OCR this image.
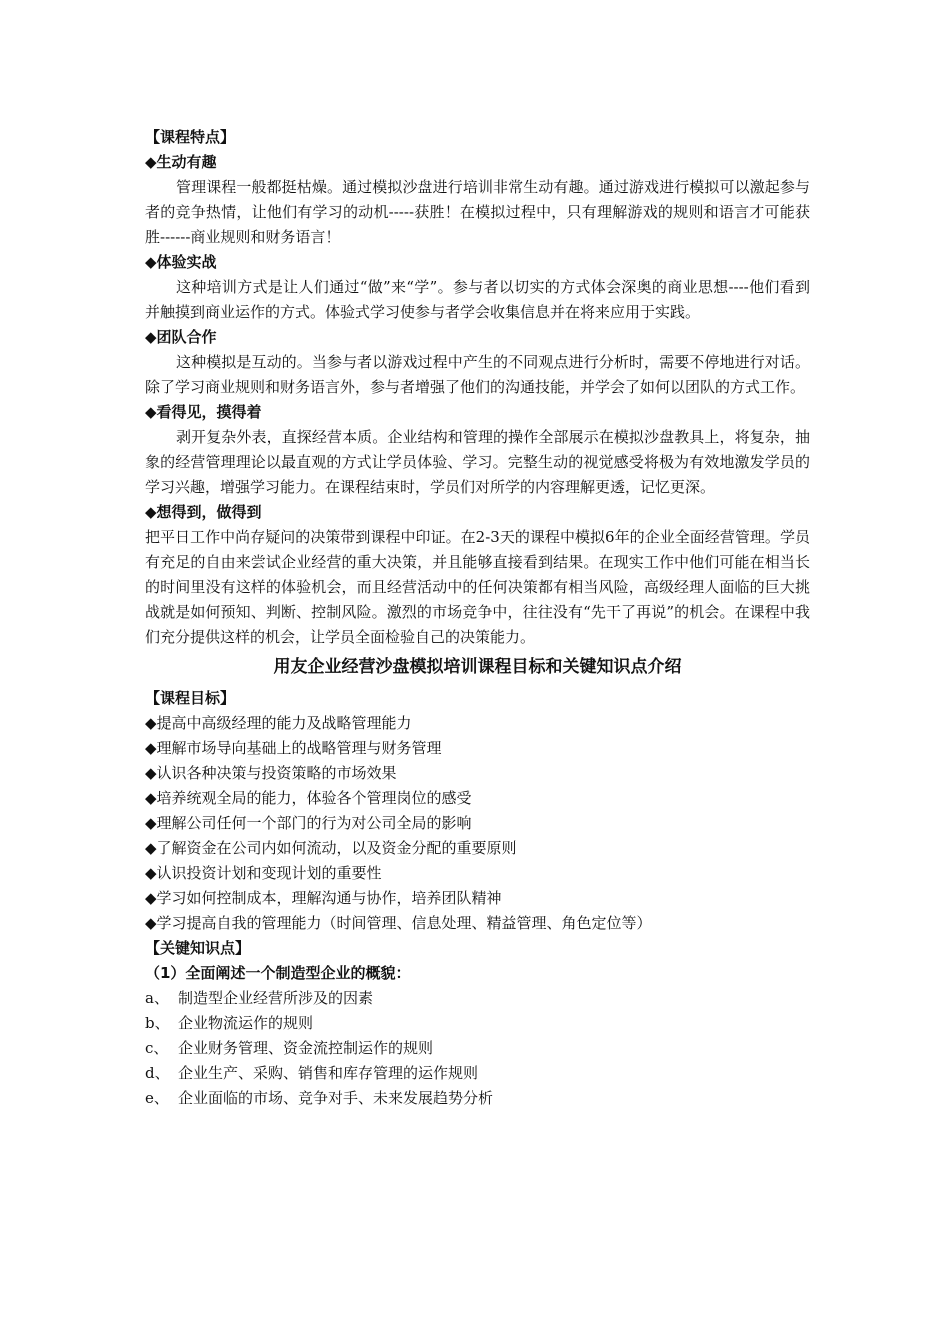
【课程特点】
◆生动有趣

管理课程一般都挺枯燥。通过模拟沙盘进行培训非常生动有趣。通过游戏进行模拟可以激起参与者的竞争热情，让他们有学习的动机-----获胜！在模拟过程中，只有理解游戏的规则和语言才可能获胜------商业规则和财务语言！

◆体验实战

这种培训方式是让人们通过“做”来“学”。参与者以切实的方式体会深奥的商业思想----他们看到并触摸到商业运作的方式。体验式学习使参与者学会收集信息并在将来应用于实践。

◆团队合作

这种模拟是互动的。当参与者以游戏过程中产生的不同观点进行分析时，需要不停地进行对话。除了学习商业规则和财务语言外，参与者增强了他们的沟通技能，并学会了如何以团队的方式工作。

◆看得见，摸得着

剥开复杂外表，直探经营本质。企业结构和管理的操作全部展示在模拟沙盘教具上，将复杂，抽象的经营管理理论以最直观的方式让学员体验、学习。完整生动的视觉感受将极为有效地激发学员的学习兴趣，增强学习能力。在课程结束时，学员们对所学的内容理解更透，记忆更深。

◆想得到，做得到

把平日工作中尚存疑问的决策带到课程中印证。在2-3天的课程中模拟6年的企业全面经营管理。学员有充足的自由来尝试企业经营的重大决策，并且能够直接看到结果。在现实工作中他们可能在相当长的时间里没有这样的体验机会，而且经营活动中的任何决策都有相当风险，高级经理人面临的巨大挑战就是如何预知、判断、控制风险。激烈的市场竞争中，往往没有“先干了再说”的机会。在课程中我们充分提供这样的机会，让学员全面检验自己的决策能力。

用友企业经营沙盘模拟培训课程目标和关键知识点介绍
【课程目标】
◆提高中高级经理的能力及战略管理能力
◆理解市场导向基础上的战略管理与财务管理
◆认识各种决策与投资策略的市场效果
◆培养统观全局的能力，体验各个管理岗位的感受
◆理解公司任何一个部门的行为对公司全局的影响
◆了解资金在公司内如何流动，以及资金分配的重要原则
◆认识投资计划和变现计划的重要性
◆学习如何控制成本，理解沟通与协作，培养团队精神
◆学习提高自我的管理能力（时间管理、信息处理、精益管理、角色定位等）
【关键知识点】
（1）全面阐述一个制造型企业的概貌：
a、 制造型企业经营所涉及的因素
b、 企业物流运作的规则
c、 企业财务管理、资金流控制运作的规则
d、 企业生产、采购、销售和库存管理的运作规则
e、 企业面临的市场、竞争对手、未来发展趋势分析
